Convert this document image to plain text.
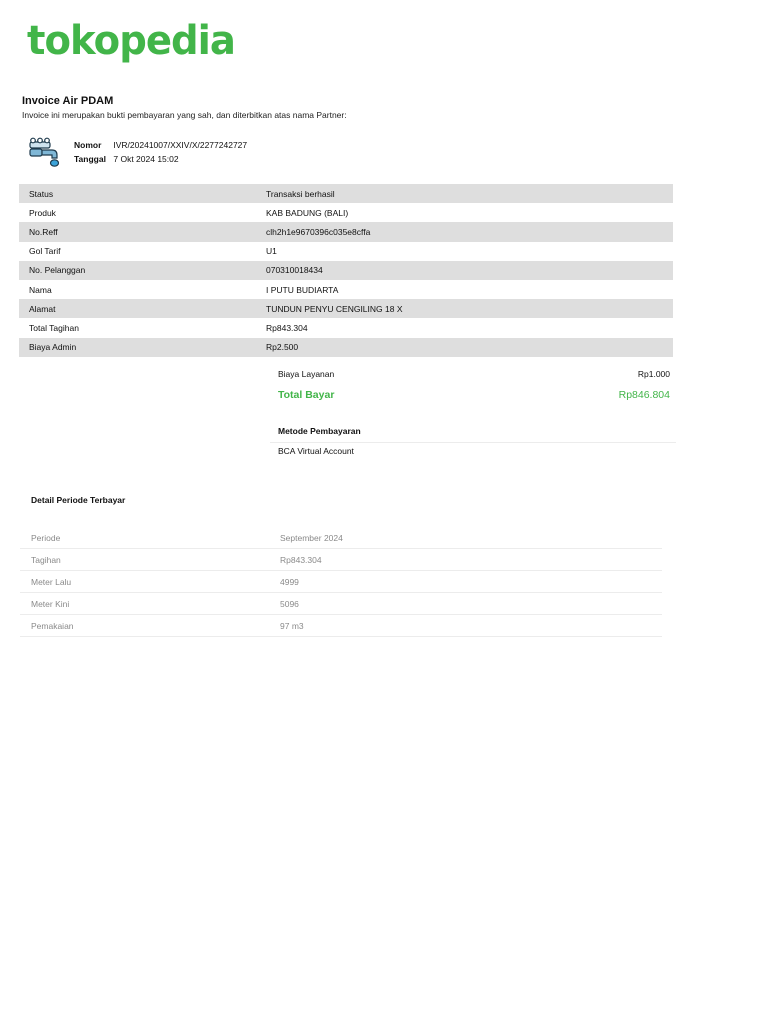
tokopedia
Invoice Air PDAM
Invoice ini merupakan bukti pembayaran yang sah, dan diterbitkan atas nama Partner:
Nomor IVR/20241007/XXIV/X/2277242727
Tanggal 7 Okt 2024 15:02
Status	Transaksi berhasil
Produk	KAB BADUNG (BALI)
No.Reff	clh2h1e9670396c035e8cffa
Gol Tarif	U1
No. Pelanggan	070310018434
Nama	I PUTU BUDIARTA
Alamat	TUNDUN PENYU CENGILING 18 X
Total Tagihan	Rp843.304
Biaya Admin	Rp2.500
Biaya Layanan	Rp1.000
Total Bayar	Rp846.804
Metode Pembayaran
BCA Virtual Account
Detail Periode Terbayar
Periode	September 2024
Tagihan	Rp843.304
Meter Lalu	4999
Meter Kini	5096
Pemakaian	97 m3
